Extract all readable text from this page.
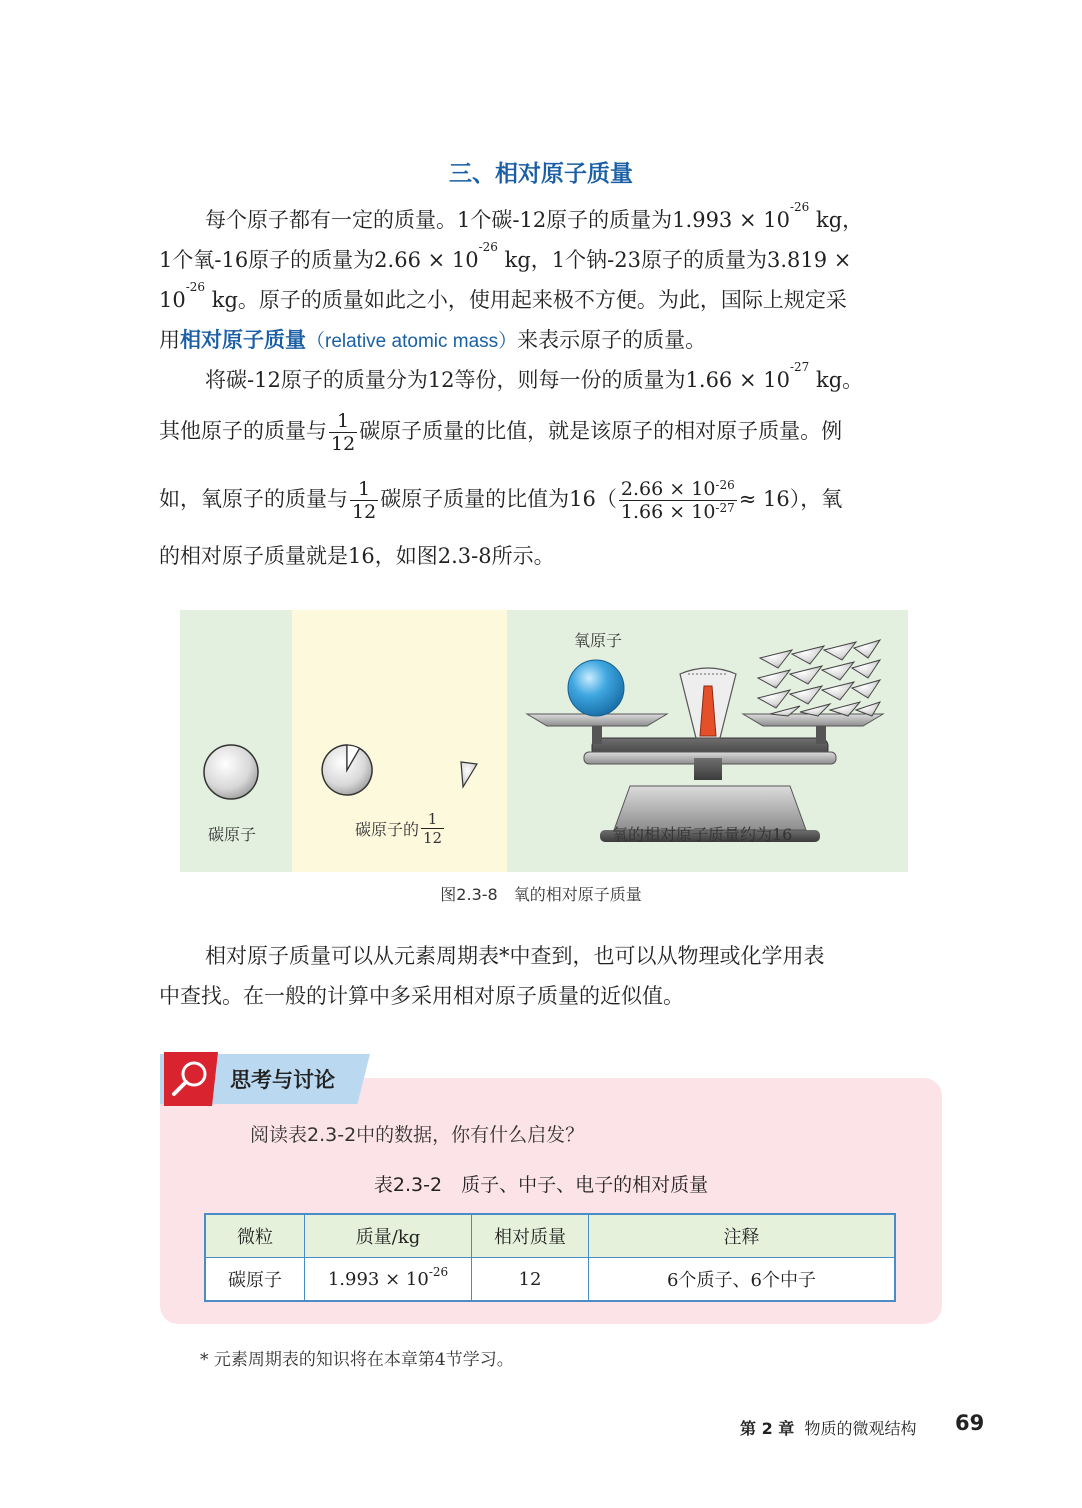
三、相对原子质量
每个原子都有一定的质量。1个碳-12原子的质量为$1.993 \times 10^{-26}$ kg，
1个氧-16原子的质量为$2.66 \times 10^{-26}$ kg，1个钠-23原子的质量为3.819 ×
$10^{-26}$ kg。原子的质量如此之小，使用起来极不方便。为此，国际上规定采
用相对原子质量（relative atomic mass）来表示原子的质量。
将碳-12原子的质量分为12等份，则每一份的质量为$1.66 \times 10^{-27}$ kg。
其他原子的质量与 $\frac{1}{12}$ 碳原子质量的比值，就是该原子的相对原子质量。例
如，氧原子的质量与 $\frac{1}{12}$ 碳原子质量的比值为$16( \frac{2.66 \times 10^{-26}}{1.66 \times 10^{-27}} \approx 16)$，氧
的相对原子质量就是16，如图2.3-8所示。
碳原子	碳原子的 $\frac{1}{12}$
氧原子
氧的相对原子质量约为16
图2.3-8　氧的相对原子质量
相对原子质量可以从元素周期表*中查到，也可以从物理或化学用表
中查找。在一般的计算中多采用相对原子质量的近似值。
思考与讨论
阅读表2.3-2中的数据，你有什么启发？
表2.3-2　质子、中子、电子的相对质量
微粒	质量/kg	相对质量	注释
碳原子	$1.993 \times 10^{-26}$	12	6个质子、6个中子
* 元素周期表的知识将在本章第4节学习。
第 2 章 物质的微观结构 69
